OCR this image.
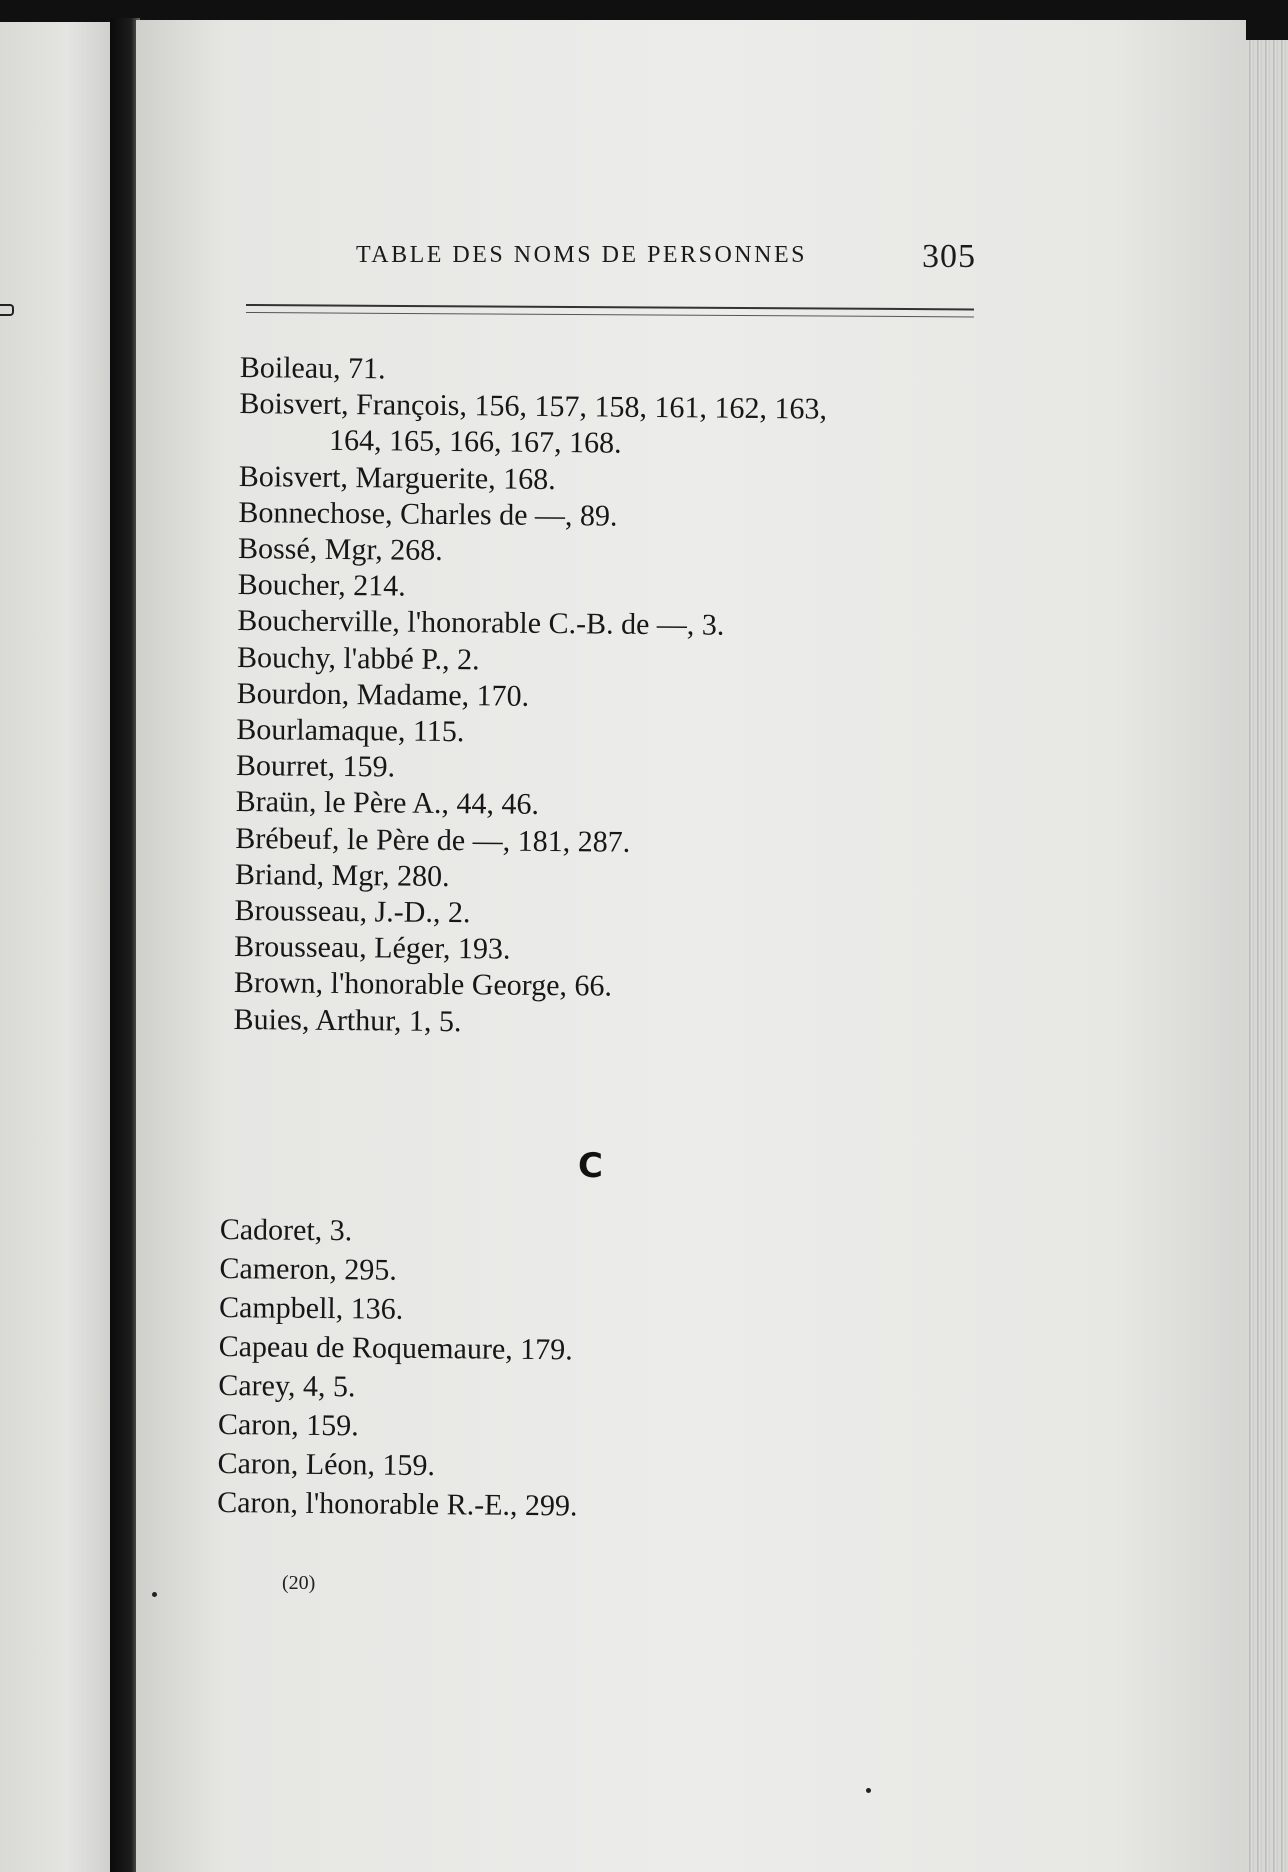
TABLE DES NOMS DE PERSONNES	305
Boileau, 71.
Boisvert, François, 156, 157, 158, 161, 162, 163,
164, 165, 166, 167, 168.
Boisvert, Marguerite, 168.
Bonnechose, Charles de —, 89.
Bossé, Mgr, 268.
Boucher, 214.
Boucherville, l'honorable C.-B. de —, 3.
Bouchy, l'abbé P., 2.
Bourdon, Madame, 170.
Bourlamaque, 115.
Bourret, 159.
Braün, le Père A., 44, 46.
Brébeuf, le Père de —, 181, 287.
Briand, Mgr, 280.
Brousseau, J.-D., 2.
Brousseau, Léger, 193.
Brown, l'honorable George, 66.
Buies, Arthur, 1, 5.
C
Cadoret, 3.
Cameron, 295.
Campbell, 136.
Capeau de Roquemaure, 179.
Carey, 4, 5.
Caron, 159.
Caron, Léon, 159.
Caron, l'honorable R.-E., 299.
(20)
